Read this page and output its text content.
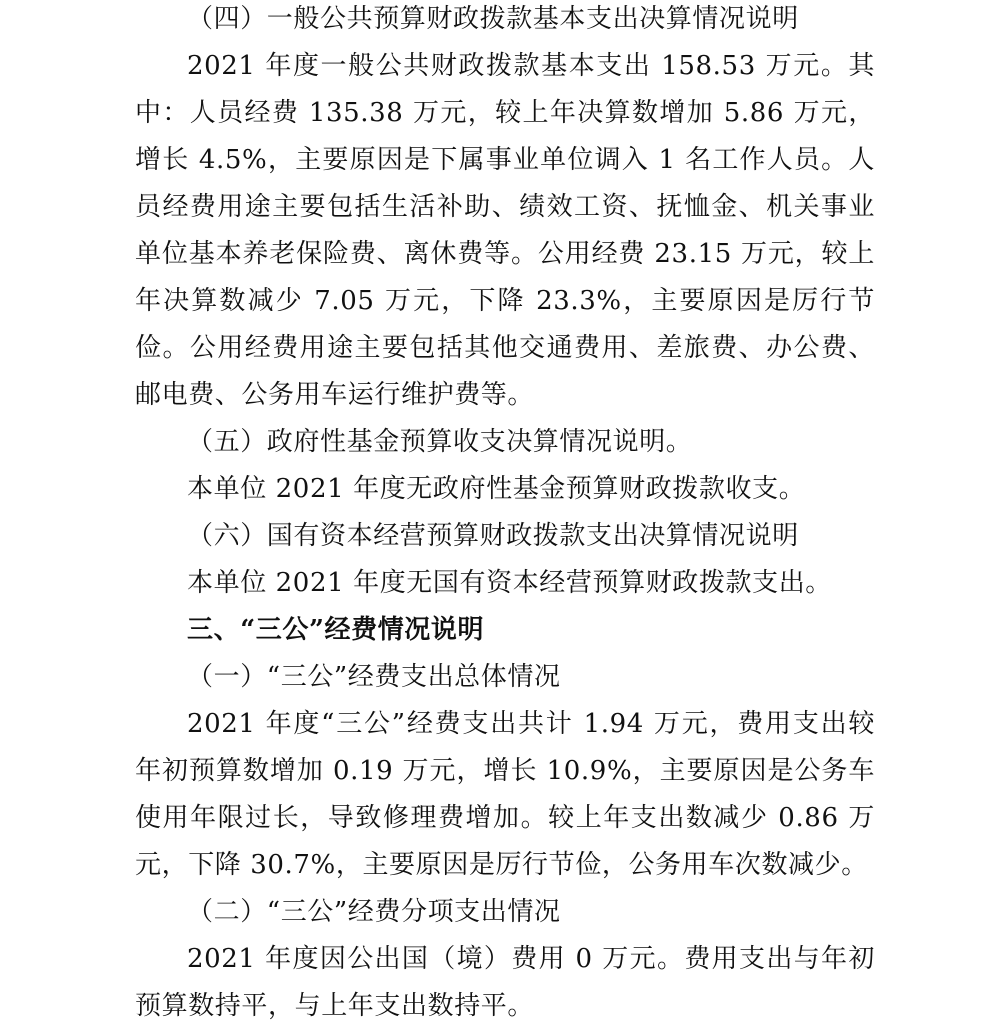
（四）一般公共预算财政拨款基本支出决算情况说明

2021 年度一般公共财政拨款基本支出 158.53 万元。其中：人员经费 135.38 万元，较上年决算数增加 5.86 万元，增长 4.5%，主要原因是下属事业单位调入 1 名工作人员。人员经费用途主要包括生活补助、绩效工资、抚恤金、机关事业单位基本养老保险费、离休费等。公用经费 23.15 万元，较上年决算数减少 7.05 万元，下降 23.3%，主要原因是厉行节俭。公用经费用途主要包括其他交通费用、差旅费、办公费、邮电费、公务用车运行维护费等。

（五）政府性基金预算收支决算情况说明。

本单位 2021 年度无政府性基金预算财政拨款收支。

（六）国有资本经营预算财政拨款支出决算情况说明

本单位 2021 年度无国有资本经营预算财政拨款支出。

三、“三公”经费情况说明

（一）“三公”经费支出总体情况

2021 年度“三公”经费支出共计 1.94 万元，费用支出较年初预算数增加 0.19 万元，增长 10.9%，主要原因是公务车使用年限过长，导致修理费增加。较上年支出数减少 0.86 万元，下降 30.7%，主要原因是厉行节俭，公务用车次数减少。

（二）“三公”经费分项支出情况

2021 年度因公出国（境）费用 0 万元。费用支出与年初预算数持平，与上年支出数持平。
